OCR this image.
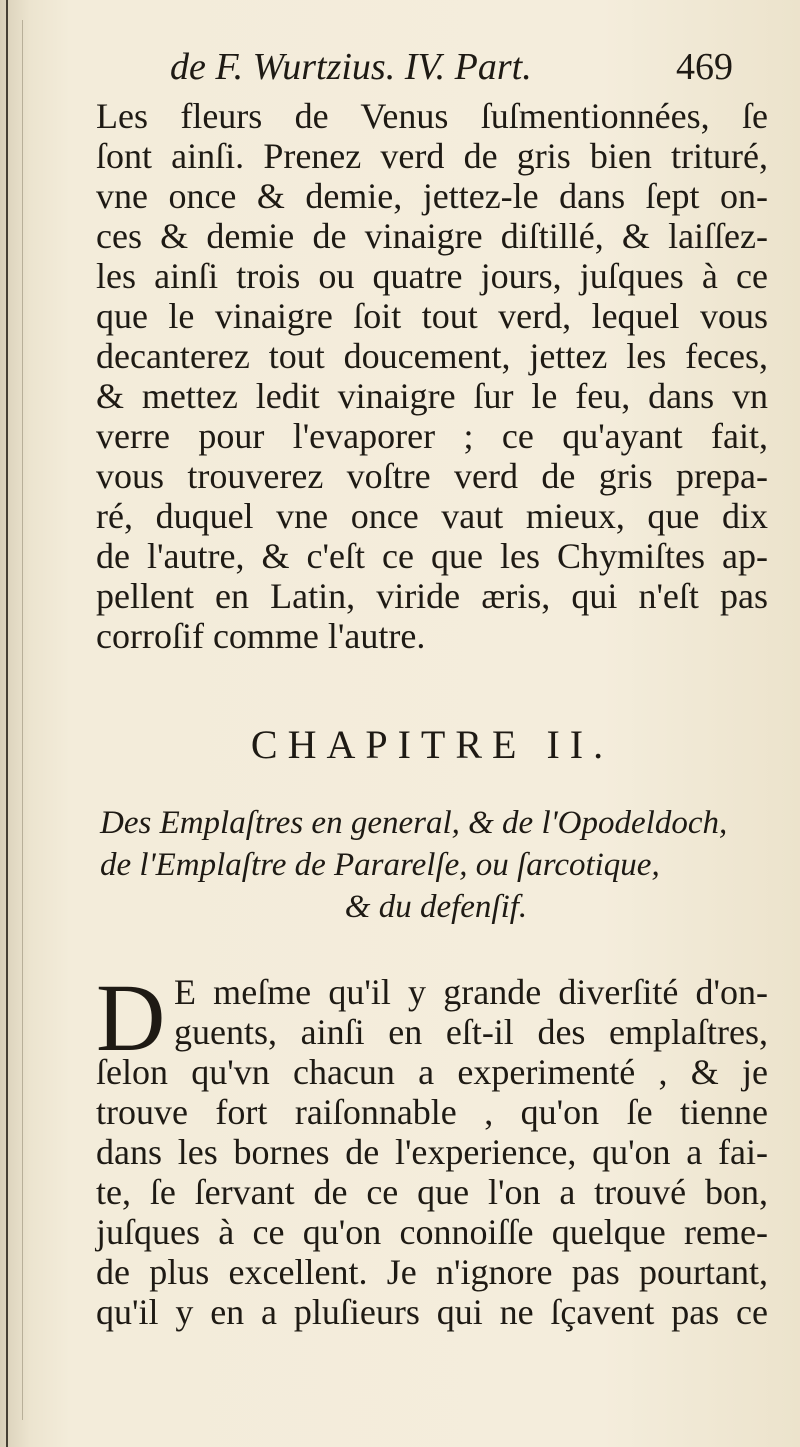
de F. Wurtzius. IV. Part.	469
Les fleurs de Venus ſuſmentionnées, ſe
ſont ainſi. Prenez verd de gris bien trituré,
vne once & demie, jettez-le dans ſept on-
ces & demie de vinaigre diſtillé, & laiſſez-
les ainſi trois ou quatre jours, juſques à ce
que le vinaigre ſoit tout verd, lequel vous
decanterez tout doucement, jettez les feces,
& mettez ledit vinaigre ſur le feu, dans vn
verre pour l'evaporer ; ce qu'ayant fait,
vous trouverez voſtre verd de gris prepa-
ré, duquel vne once vaut mieux, que dix
de l'autre, & c'eſt ce que les Chymiſtes ap-
pellent en Latin, viride æris, qui n'eſt pas
corroſif comme l'autre.
CHAPITRE II.
Des Emplaſtres en general, & de l'Opodeldoch,
de l'Emplaſtre de Pararelſe, ou ſarcotique,
& du defenſif.
D E meſme qu'il y grande diverſité d'on-
guents, ainſi en eſt-il des emplaſtres,
ſelon qu'vn chacun a experimenté , & je
trouve fort raiſonnable , qu'on ſe tienne
dans les bornes de l'experience, qu'on a fai-
te, ſe ſervant de ce que l'on a trouvé bon,
juſques à ce qu'on connoiſſe quelque reme-
de plus excellent. Je n'ignore pas pourtant,
qu'il y en a pluſieurs qui ne ſçavent pas ce
